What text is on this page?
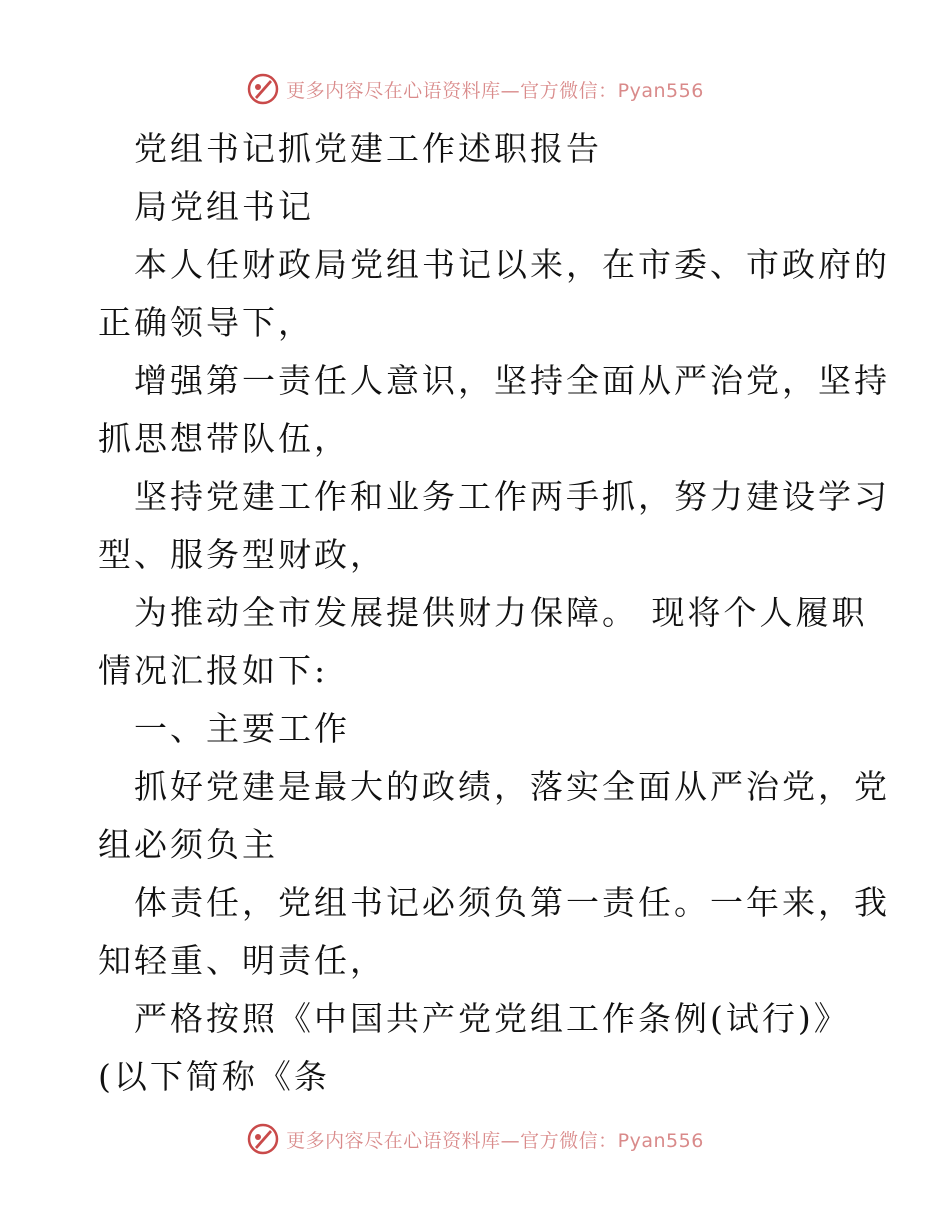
更多内容尽在心语资料库—官方微信：Pyan556
党组书记抓党建工作述职报告
局党组书记
本人任财政局党组书记以来，在市委、市政府的
正确领导下，
增强第一责任人意识，坚持全面从严治党，坚持
抓思想带队伍，
坚持党建工作和业务工作两手抓，努力建设学习
型、服务型财政，
为推动全市发展提供财力保障。 现将个人履职
情况汇报如下:
一、主要工作
抓好党建是最大的政绩，落实全面从严治党，党
组必须负主
体责任，党组书记必须负第一责任。一年来，我
知轻重、明责任，
严格按照《中国共产党党组工作条例(试行)》
(以下简称《条
更多内容尽在心语资料库—官方微信：Pyan556
